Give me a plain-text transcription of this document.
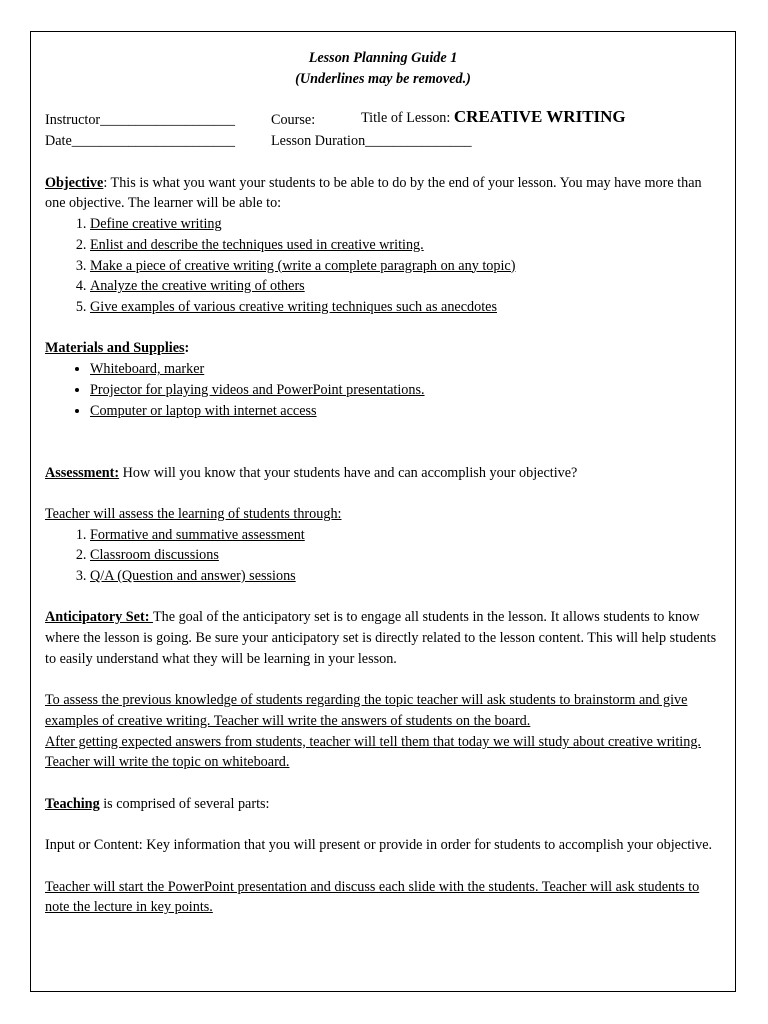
Lesson Planning Guide 1
(Underlines may be removed.)
Instructor___________________	Course:	Title of Lesson: CREATIVE WRITING
Date_______________________	Lesson Duration_______________

Objective: This is what you want your students to be able to do by the end of your lesson. You may have more than one objective. The learner will be able to:

1. Define creative writing
2. Enlist and describe the techniques used in creative writing.
3. Make a piece of creative writing (write a complete paragraph on any topic)
4. Analyze the creative writing of others
5. Give examples of various creative writing techniques such as anecdotes

Materials and Supplies:

• Whiteboard, marker
• Projector for playing videos and PowerPoint presentations.
• Computer or laptop with internet access

Assessment: How will you know that your students have and can accomplish your objective?

Teacher will assess the learning of students through:

1. Formative and summative assessment
2. Classroom discussions
3. Q/A (Question and answer) sessions

Anticipatory Set: The goal of the anticipatory set is to engage all students in the lesson. It allows students to know where the lesson is going. Be sure your anticipatory set is directly related to the lesson content. This will help students to easily understand what they will be learning in your lesson.

To assess the previous knowledge of students regarding the topic teacher will ask students to brainstorm and give examples of creative writing. Teacher will write the answers of students on the board.

After getting expected answers from students, teacher will tell them that today we will study about creative writing.

Teacher will write the topic on whiteboard.

Teaching is comprised of several parts:

Input or Content: Key information that you will present or provide in order for students to accomplish your objective.

Teacher will start the PowerPoint presentation and discuss each slide with the students. Teacher will ask students to note the lecture in key points.
